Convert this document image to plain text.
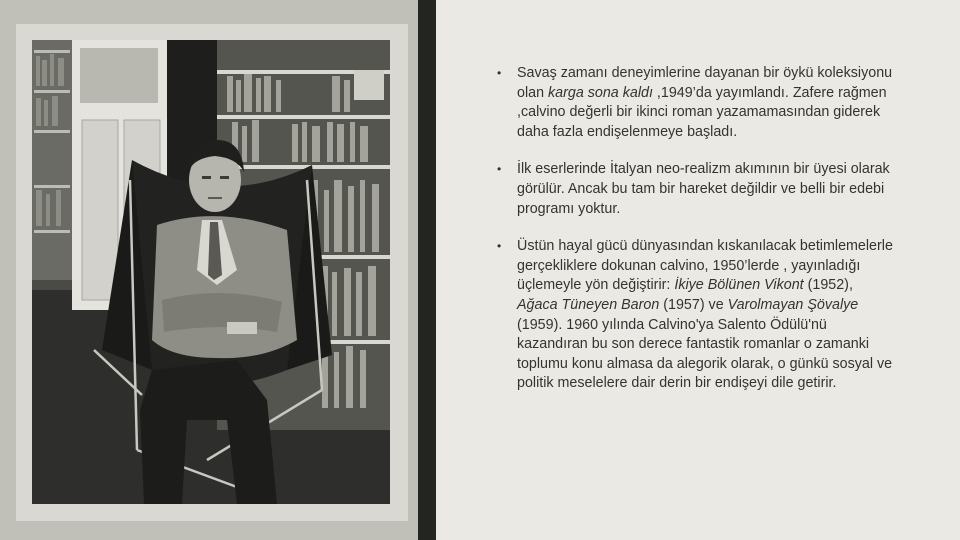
• Savaş zamanı deneyimlerine dayanan bir öykü koleksiyonu olan karga sona kaldı ,1949’da yayımlandı. Zafere rağmen ,calvino değerli bir ikinci roman yazamamasından giderek daha fazla endişelenmeye başladı.
• İlk eserlerinde İtalyan neo-realizm akımının bir üyesi olarak görülür. Ancak bu tam bir hareket değildir ve belli bir edebi programı yoktur.
• Üstün hayal gücü dünyasından kıskanılacak betimlemelerle gerçekliklere dokunan calvino, 1950’lerde , yayınladığı üçlemeyle yön değiştirir: İkiye Bölünen Vikont (1952), Ağaca Tüneyen Baron (1957) ve Varolmayan Şövalye (1959). 1960 yılında Calvino'ya Salento Ödülü'nü kazandıran bu son derece fantastik romanlar o zamanki toplumu konu almasa da alegorik olarak, o günkü sosyal ve politik meselelere dair derin bir endişeyi dile getirir.
